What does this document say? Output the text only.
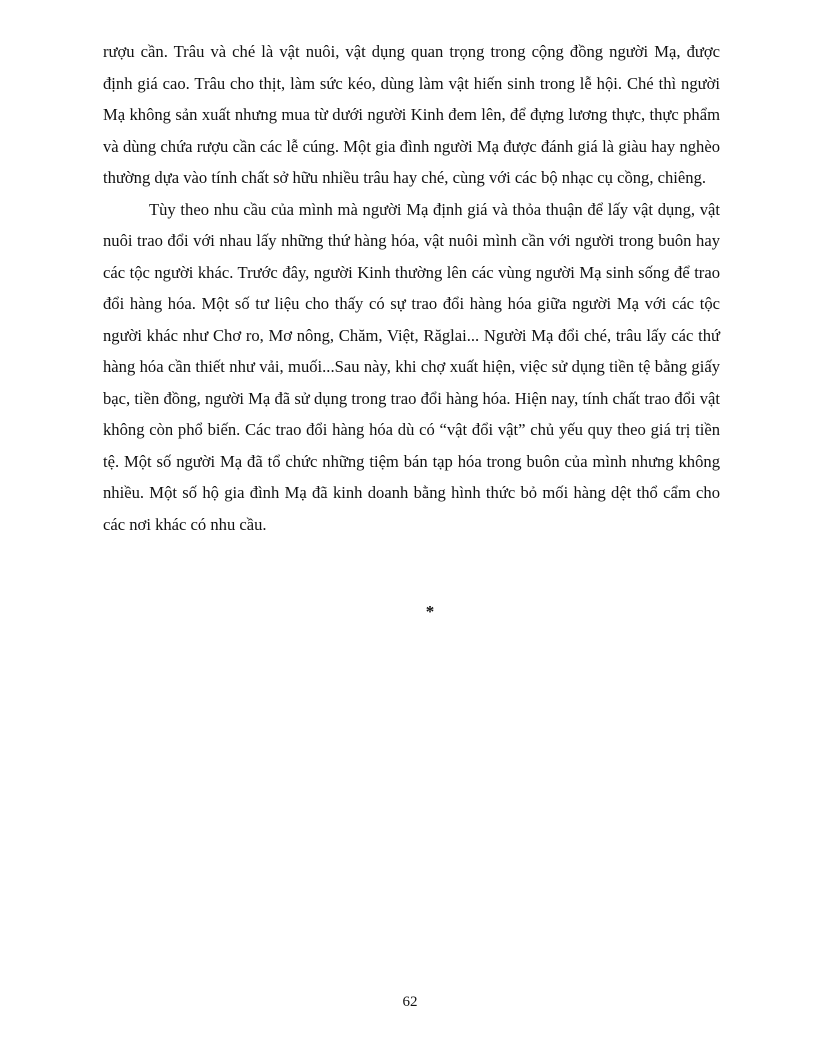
rượu cần. Trâu và ché là vật nuôi, vật dụng quan trọng trong cộng đồng người Mạ, được định giá cao. Trâu cho thịt, làm sức kéo, dùng làm vật hiến sinh trong lễ hội. Ché thì người Mạ không sản xuất nhưng mua từ dưới người Kinh đem lên, để đựng lương thực, thực phẩm và dùng chứa rượu cần các lễ cúng. Một gia đình người Mạ được đánh giá là giàu hay nghèo thường dựa vào tính chất sở hữu nhiều trâu hay ché, cùng với các bộ nhạc cụ cồng, chiêng.

Tùy theo nhu cầu của mình mà người Mạ định giá và thỏa thuận để lấy vật dụng, vật nuôi trao đổi với nhau lấy những thứ hàng hóa, vật nuôi mình cần với người trong buôn hay các tộc người khác. Trước đây, người Kinh thường lên các vùng người Mạ sinh sống để trao đổi hàng hóa. Một số tư liệu cho thấy có sự trao đổi hàng hóa giữa người Mạ với các tộc người khác như Chơ ro, Mơ nông, Chăm, Việt, Răglai... Người Mạ đổi ché, trâu lấy các thứ hàng hóa cần thiết như vải, muối...Sau này, khi chợ xuất hiện, việc sử dụng tiền tệ bằng giấy bạc, tiền đồng, người Mạ đã sử dụng trong trao đổi hàng hóa. Hiện nay, tính chất trao đổi vật không còn phổ biến. Các trao đổi hàng hóa dù có “vật đổi vật” chủ yếu quy theo giá trị tiền tệ. Một số người Mạ đã tổ chức những tiệm bán tạp hóa trong buôn của mình nhưng không nhiều. Một số hộ gia đình Mạ đã kinh doanh bằng hình thức bỏ mối hàng dệt thổ cẩm cho các nơi khác có nhu cầu.

*
62
